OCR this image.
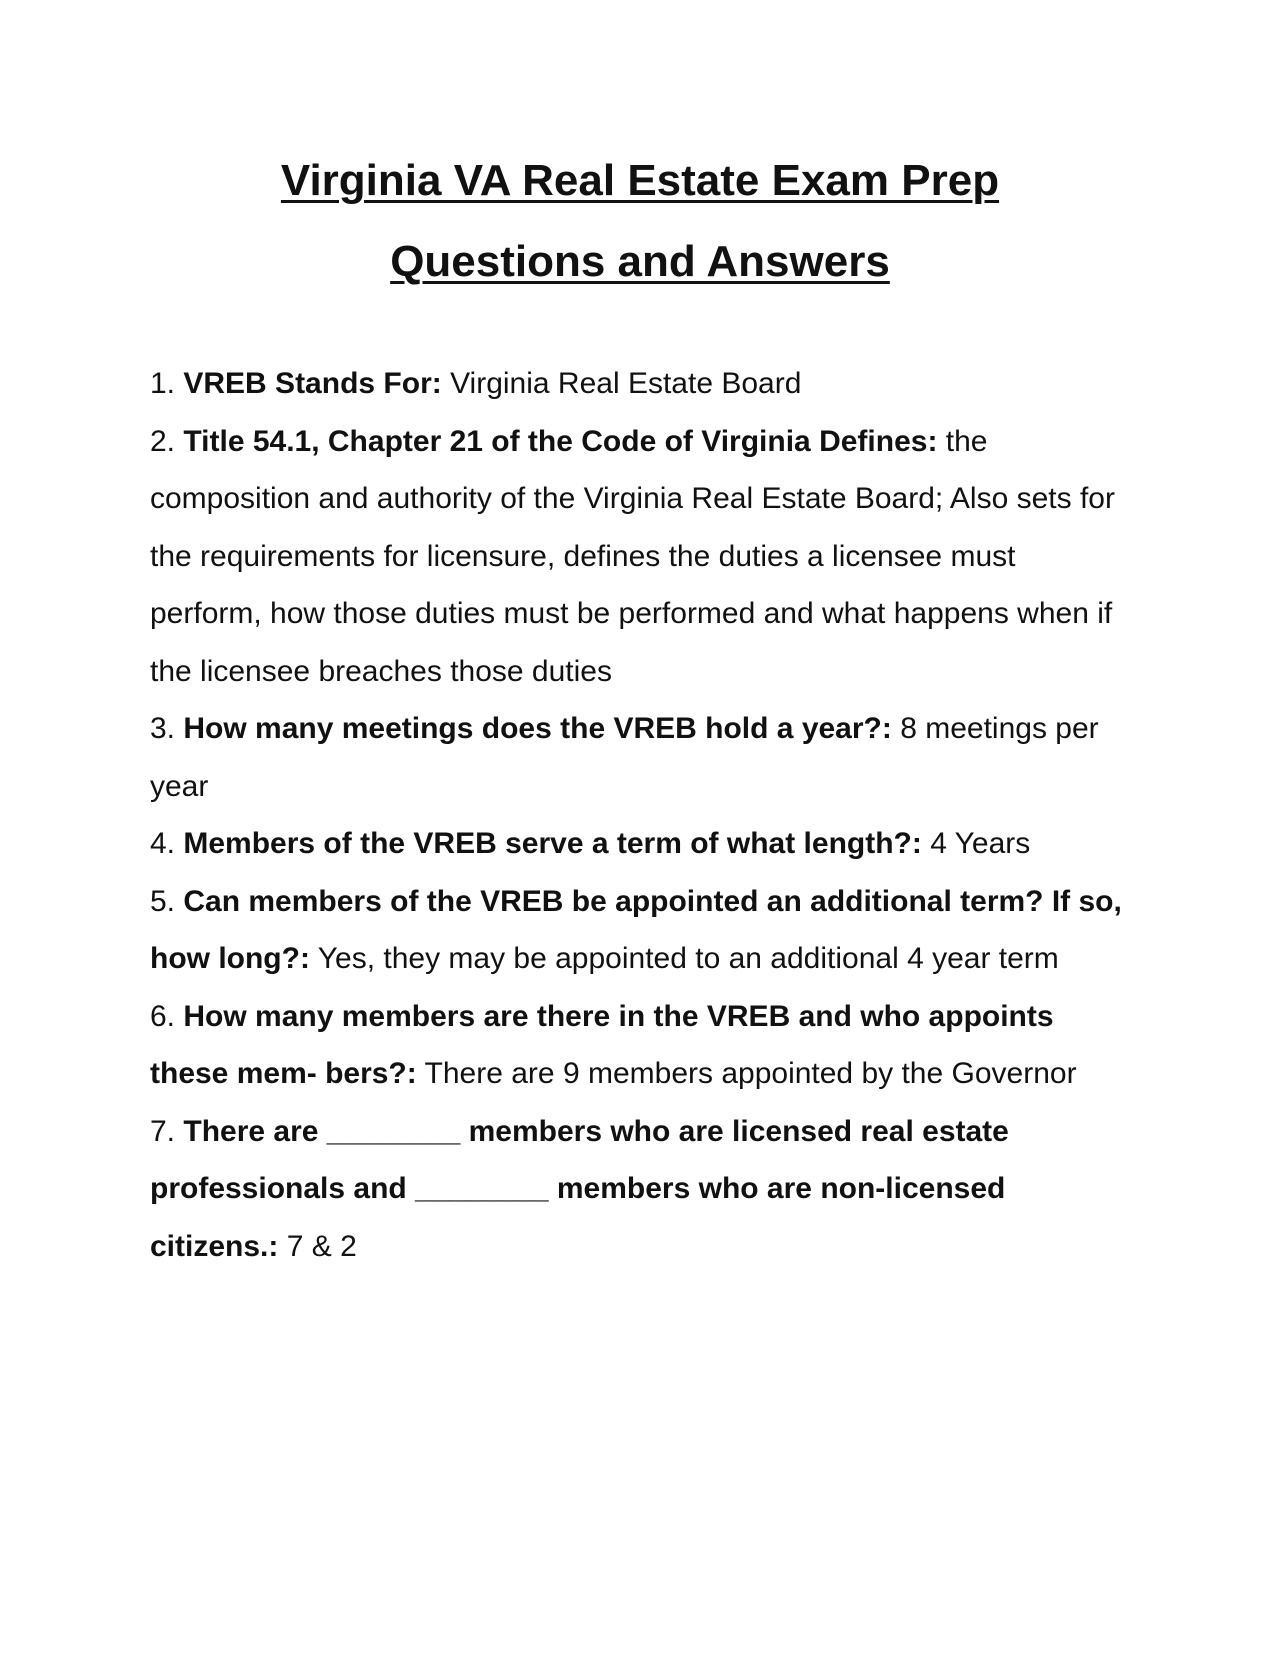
Virginia VA Real Estate Exam Prep
Questions and Answers

1. VREB Stands For: Virginia Real Estate Board

2. Title 54.1, Chapter 21 of the Code of Virginia Defines: the composition and authority of the Virginia Real Estate Board; Also sets for the requirements for licensure, defines the duties a licensee must perform, how those duties must be performed and what happens when if the licensee breaches those duties

3. How many meetings does the VREB hold a year?: 8 meetings per year

4. Members of the VREB serve a term of what length?: 4 Years

5. Can members of the VREB be appointed an additional term? If so, how long?: Yes, they may be appointed to an additional 4 year term

6. How many members are there in the VREB and who appoints these mem- bers?: There are 9 members appointed by the Governor

7. There are ________ members who are licensed real estate professionals and ________ members who are non-licensed citizens.: 7 & 2
